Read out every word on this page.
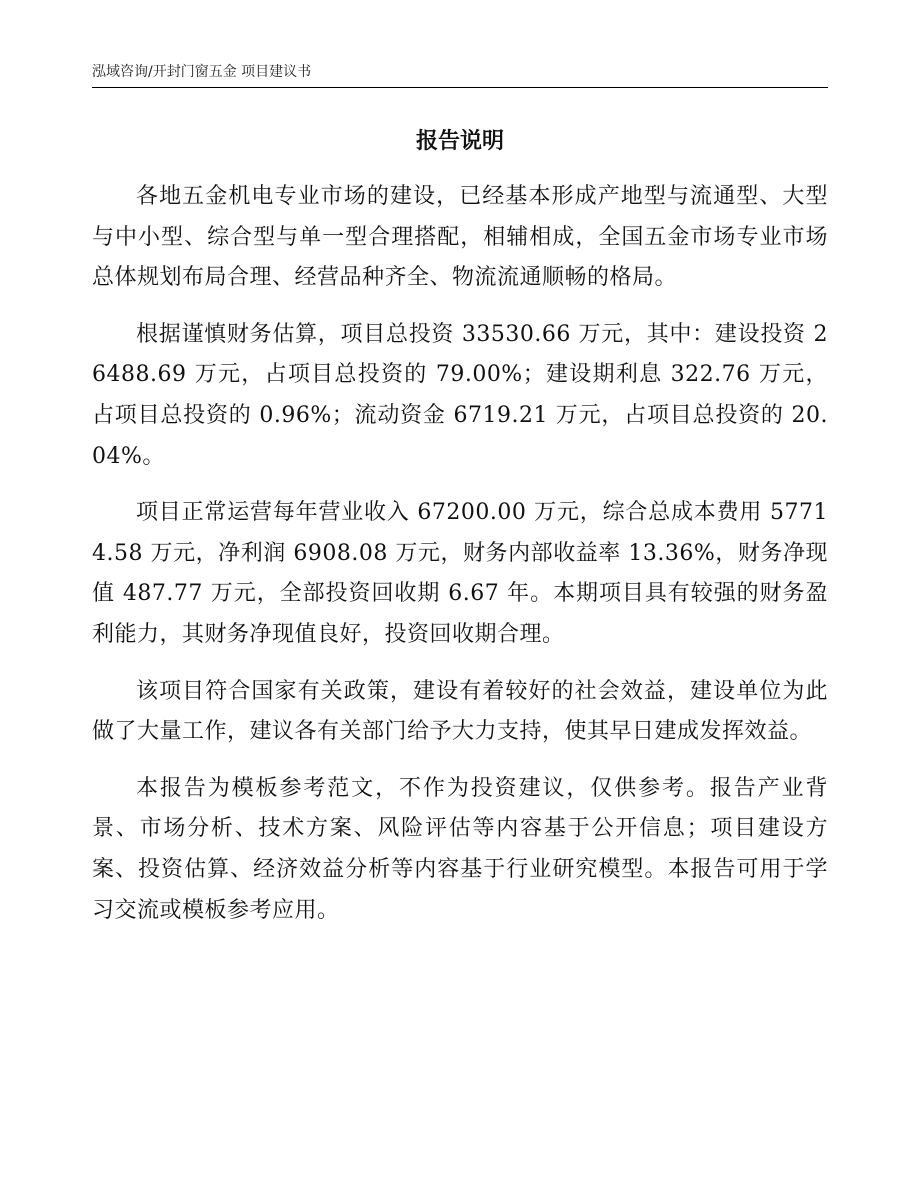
泓域咨询/开封门窗五金 项目建议书
报告说明

各地五金机电专业市场的建设，已经基本形成产地型与流通型、大型与中小型、综合型与单一型合理搭配，相辅相成，全国五金市场专业市场总体规划布局合理、经营品种齐全、物流流通顺畅的格局。

根据谨慎财务估算，项目总投资 33530.66 万元，其中：建设投资 26488.69 万元，占项目总投资的 79.00%；建设期利息 322.76 万元，占项目总投资的 0.96%；流动资金 6719.21 万元，占项目总投资的 20.04%。

项目正常运营每年营业收入 67200.00 万元，综合总成本费用 57714.58 万元，净利润 6908.08 万元，财务内部收益率 13.36%，财务净现值 487.77 万元，全部投资回收期 6.67 年。本期项目具有较强的财务盈利能力，其财务净现值良好，投资回收期合理。

该项目符合国家有关政策，建设有着较好的社会效益，建设单位为此做了大量工作，建议各有关部门给予大力支持，使其早日建成发挥效益。

本报告为模板参考范文，不作为投资建议，仅供参考。报告产业背景、市场分析、技术方案、风险评估等内容基于公开信息；项目建设方案、投资估算、经济效益分析等内容基于行业研究模型。本报告可用于学习交流或模板参考应用。
